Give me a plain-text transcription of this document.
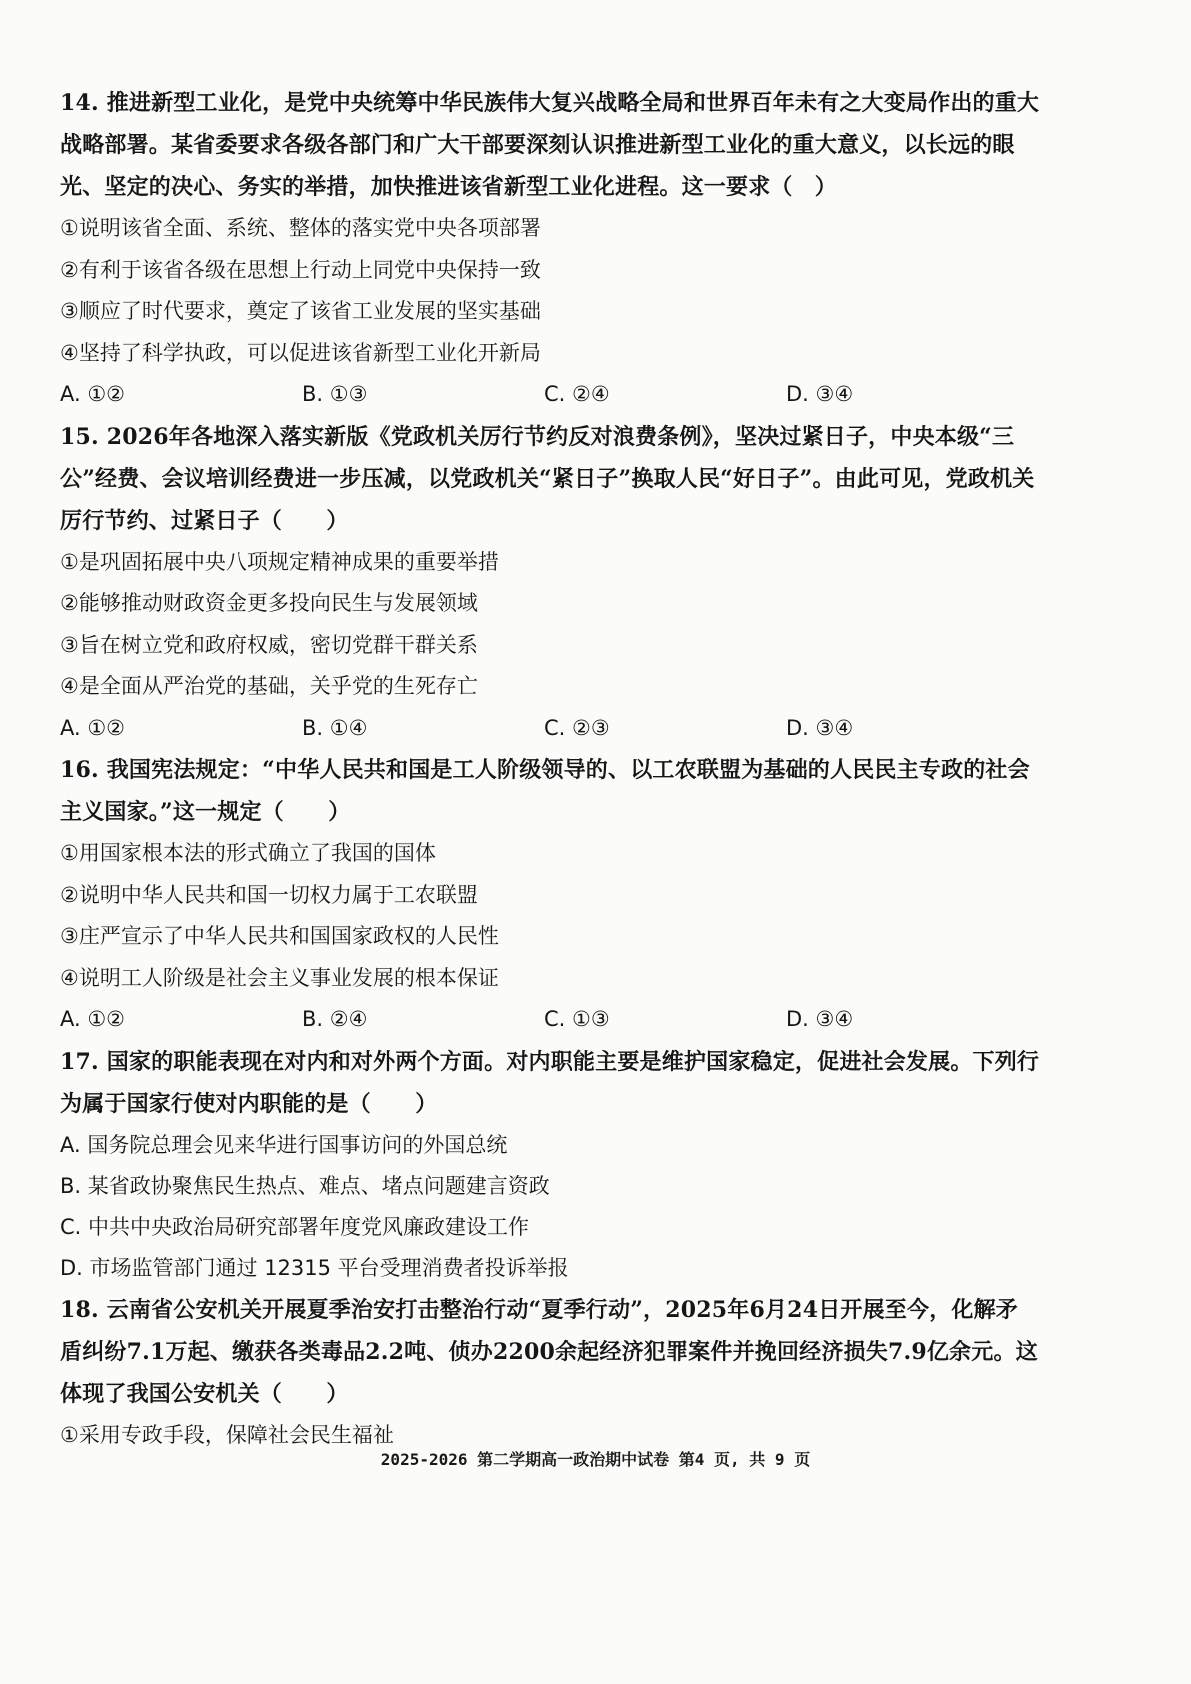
14. 推进新型工业化，是党中央统筹中华民族伟大复兴战略全局和世界百年未有之大变局作出的重大战略部署。某省委要求各级各部门和广大干部要深刻认识推进新型工业化的重大意义，以长远的眼光、坚定的决心、务实的举措，加快推进该省新型工业化进程。这一要求（　）
①说明该省全面、系统、整体的落实党中央各项部署
②有利于该省各级在思想上行动上同党中央保持一致
③顺应了时代要求，奠定了该省工业发展的坚实基础
④坚持了科学执政，可以促进该省新型工业化开新局
A. ①②	B. ①③	C. ②④	D. ③④
15. 2026年各地深入落实新版《党政机关厉行节约反对浪费条例》，坚决过紧日子，中央本级“三公”经费、会议培训经费进一步压减，以党政机关“紧日子”换取人民“好日子”。由此可见，党政机关厉行节约、过紧日子（　　）
①是巩固拓展中央八项规定精神成果的重要举措
②能够推动财政资金更多投向民生与发展领域
③旨在树立党和政府权威，密切党群干群关系
④是全面从严治党的基础，关乎党的生死存亡
A. ①②	B. ①④	C. ②③	D. ③④
16. 我国宪法规定：“中华人民共和国是工人阶级领导的、以工农联盟为基础的人民民主专政的社会主义国家。”这一规定（　　）
①用国家根本法的形式确立了我国的国体
②说明中华人民共和国一切权力属于工农联盟
③庄严宣示了中华人民共和国国家政权的人民性
④说明工人阶级是社会主义事业发展的根本保证
A. ①②	B. ②④	C. ①③	D. ③④
17. 国家的职能表现在对内和对外两个方面。对内职能主要是维护国家稳定，促进社会发展。下列行为属于国家行使对内职能的是（　　）
A. 国务院总理会见来华进行国事访问的外国总统
B. 某省政协聚焦民生热点、难点、堵点问题建言资政
C. 中共中央政治局研究部署年度党风廉政建设工作
D. 市场监管部门通过 12315 平台受理消费者投诉举报
18. 云南省公安机关开展夏季治安打击整治行动“夏季行动”，2025年6月24日开展至今，化解矛盾纠纷7.1万起、缴获各类毒品2.2吨、侦办2200余起经济犯罪案件并挽回经济损失7.9亿余元。这体现了我国公安机关（　　）
①采用专政手段，保障社会民生福祉
2025-2026 第二学期高一政治期中试卷 第4 页, 共 9 页
